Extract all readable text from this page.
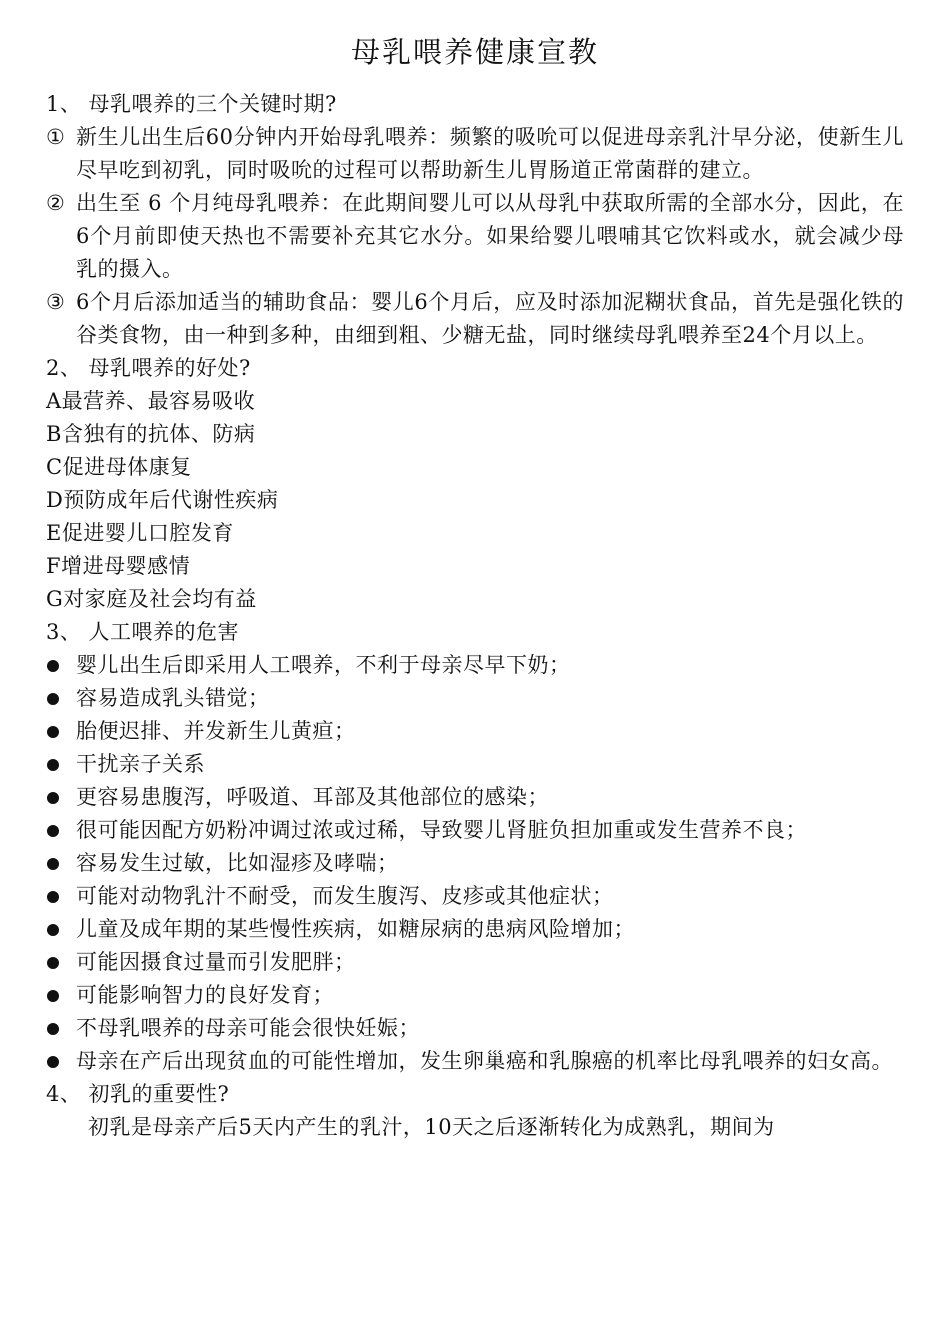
母乳喂养健康宣教
1、 母乳喂养的三个关键时期?
① 新生儿出生后60分钟内开始母乳喂养：频繁的吸吮可以促进母亲乳汁早分泌，使新生儿尽早吃到初乳，同时吸吮的过程可以帮助新生儿胃肠道正常菌群的建立。
② 出生至 6 个月纯母乳喂养：在此期间婴儿可以从母乳中获取所需的全部水分，因此，在6个月前即使天热也不需要补充其它水分。如果给婴儿喂哺其它饮料或水，就会减少母乳的摄入。
③ 6个月后添加适当的辅助食品：婴儿6个月后，应及时添加泥糊状食品，首先是强化铁的谷类食物，由一种到多种，由细到粗、少糖无盐，同时继续母乳喂养至24个月以上。
2、 母乳喂养的好处?
A最营养、最容易吸收
B含独有的抗体、防病
C促进母体康复
D预防成年后代谢性疾病
E促进婴儿口腔发育
F增进母婴感情
G对家庭及社会均有益
3、 人工喂养的危害
婴儿出生后即采用人工喂养，不利于母亲尽早下奶；
容易造成乳头错觉；
胎便迟排、并发新生儿黄疸；
干扰亲子关系
更容易患腹泻，呼吸道、耳部及其他部位的感染；
很可能因配方奶粉冲调过浓或过稀，导致婴儿肾脏负担加重或发生营养不良；
容易发生过敏，比如湿疹及哮喘；
可能对动物乳汁不耐受，而发生腹泻、皮疹或其他症状；
儿童及成年期的某些慢性疾病，如糖尿病的患病风险增加；
可能因摄食过量而引发肥胖；
可能影响智力的良好发育；
不母乳喂养的母亲可能会很快妊娠；
母亲在产后出现贫血的可能性增加，发生卵巢癌和乳腺癌的机率比母乳喂养的妇女高。
4、 初乳的重要性?
初乳是母亲产后5天内产生的乳汁，10天之后逐渐转化为成熟乳，期间为
